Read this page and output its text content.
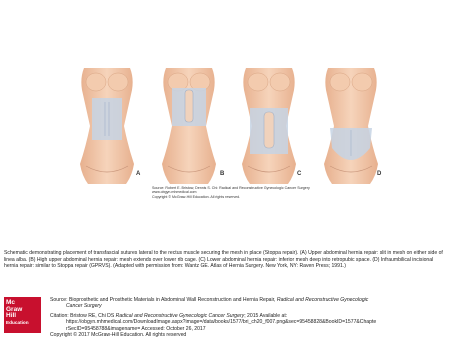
A	B	C	D
Source: Robert E. Bristow, Dennis S. Chi: Radical and Reconstructive Gynecologic Cancer Surgery
www.obgyn.mhmedical.com
Copyright © McGraw-Hill Education. All rights reserved.
Schematic demonstrating placement of transfascial sutures lateral to the rectus muscle securing the mesh in place (Stoppa repair). (A) Upper abdominal hernia repair: slit in mesh on either side of linea alba. (B) High upper abdominal hernia repair: mesh extends over lower rib cage. (C) Lower abdominal hernia repair: inferior mesh deep into retropubic space. (D) Infraumbilical incisional hernia repair: similar to Stoppa repair (GPRVS). (Adapted with permission from: Wantz GE. Atlas of Hernia Surgery. New York, NY: Raven Press; 1991.)
Mc
Graw
Hill
Education
Source: Bioprosthetic and Prosthetic Materials in Abdominal Wall Reconstruction and Hernia Repair, Radical and Reconstructive Gynecologic
Cancer Surgery
Citation: Bristow RE, Chi DS Radical and Reconstructive Gynecologic Cancer Surgery; 2015 Available at:
https://obgyn.mhmedical.com/DownloadImage.aspx?image=/data/books/1577/bri_ch20_f007.png&sec=95458828&BookID=1577&Chapte
rSecID=95458788&imagename= Accessed: October 26, 2017
Copyright © 2017 McGraw-Hill Education. All rights reserved
